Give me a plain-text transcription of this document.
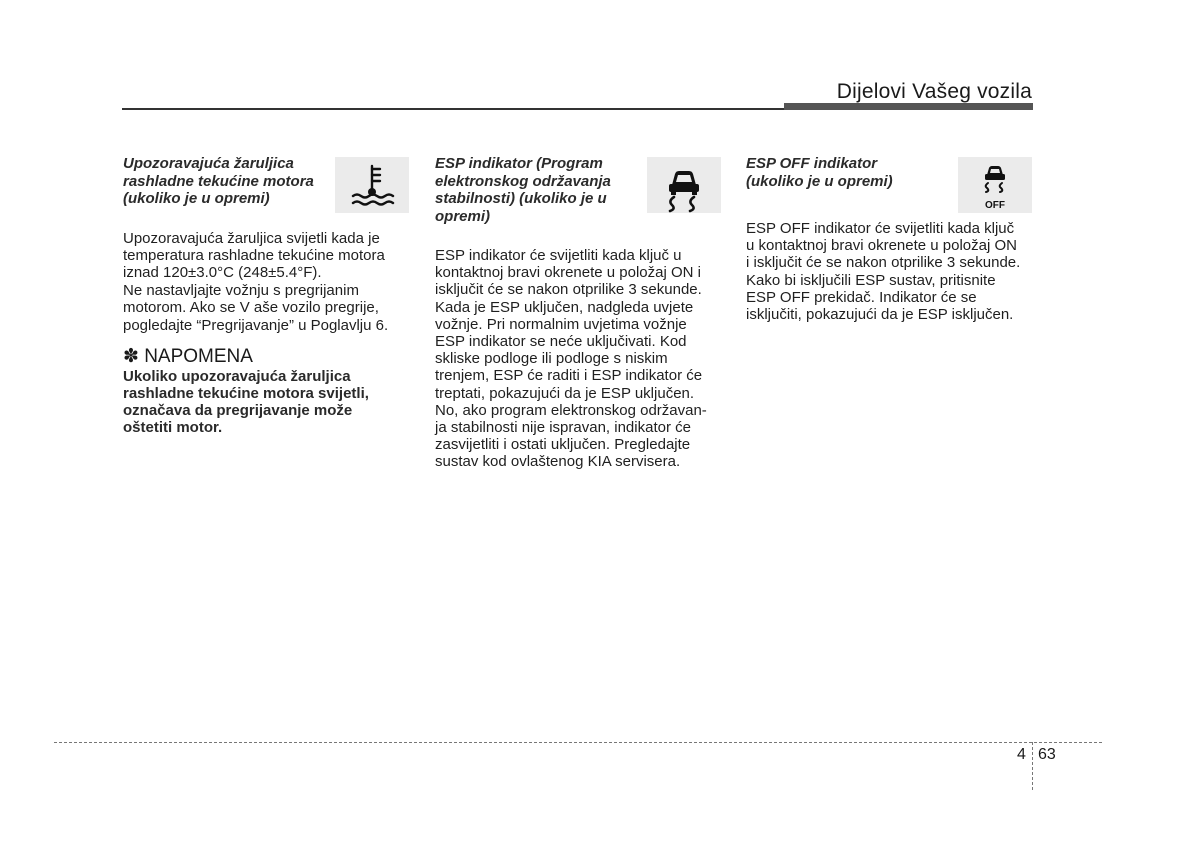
Dijelovi Vašeg vozila
Upozoravajuća žaruljica
rashladne tekućine motora
(ukoliko je u opremi)
Upozoravajuća žaruljica svijetli kada je
temperatura rashladne tekućine motora
iznad 120±3.0°C (248±5.4°F).
Ne nastavljajte vožnju s pregrijanim
motorom. Ako se V aše vozilo pregrije,
pogledajte “Pregrijavanje” u Poglavlju 6.
✽ NAPOMENA
Ukoliko upozoravajuća žaruljica
rashladne tekućine motora svijetli,
označava da pregrijavanje može
oštetiti motor.
ESP indikator (Program
elektronskog održavanja
stabilnosti) (ukoliko je u
opremi)
ESP indikator će svijetliti kada ključ u
kontaktnoj bravi okrenete u položaj ON i
isključit će se nakon otprilike 3 sekunde.
Kada je ESP uključen, nadgleda uvjete
vožnje. Pri normalnim uvjetima vožnje
ESP indikator se neće uključivati. Kod
skliske podloge ili podloge s niskim
trenjem, ESP će raditi i ESP indikator će
treptati, pokazujući da je ESP uključen.
No, ako program elektronskog održavan-
ja stabilnosti nije ispravan, indikator će
zasvijetliti i ostati uključen. Pregledajte
sustav kod ovlaštenog KIA servisera.
ESP OFF indikator
(ukoliko je u opremi)
OFF
ESP OFF indikator će svijetliti kada ključ
u kontaktnoj bravi okrenete u položaj ON
i isključit će se nakon otprilike 3 sekunde.
Kako bi isključili ESP sustav, pritisnite
ESP OFF prekidač. Indikator će se
isključiti, pokazujući da je ESP isključen.
4 63
